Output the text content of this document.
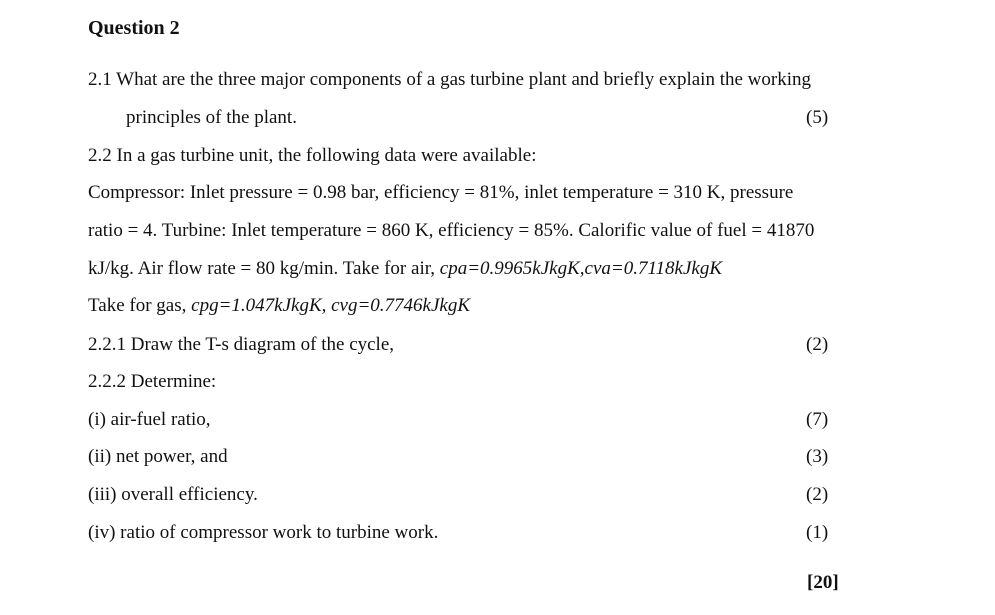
Question 2
2.1 What are the three major components of a gas turbine plant and briefly explain the working
principles of the plant.	(5)
2.2 In a gas turbine unit, the following data were available:
Compressor: Inlet pressure = 0.98 bar, efficiency = 81%, inlet temperature = 310 K, pressure
ratio = 4. Turbine: Inlet temperature = 860 K, efficiency = 85%. Calorific value of fuel = 41870
kJ/kg. Air flow rate = 80 kg/min. Take for air, cpa=0.9965kJkgK,cva=0.7118kJkgK
Take for gas, cpg=1.047kJkgK, cvg=0.7746kJkgK
2.2.1 Draw the T-s diagram of the cycle,	(2)
2.2.2 Determine:
(i) air-fuel ratio,	(7)
(ii) net power, and	(3)
(iii) overall efficiency.	(2)
(iv) ratio of compressor work to turbine work.	(1)
[20]
